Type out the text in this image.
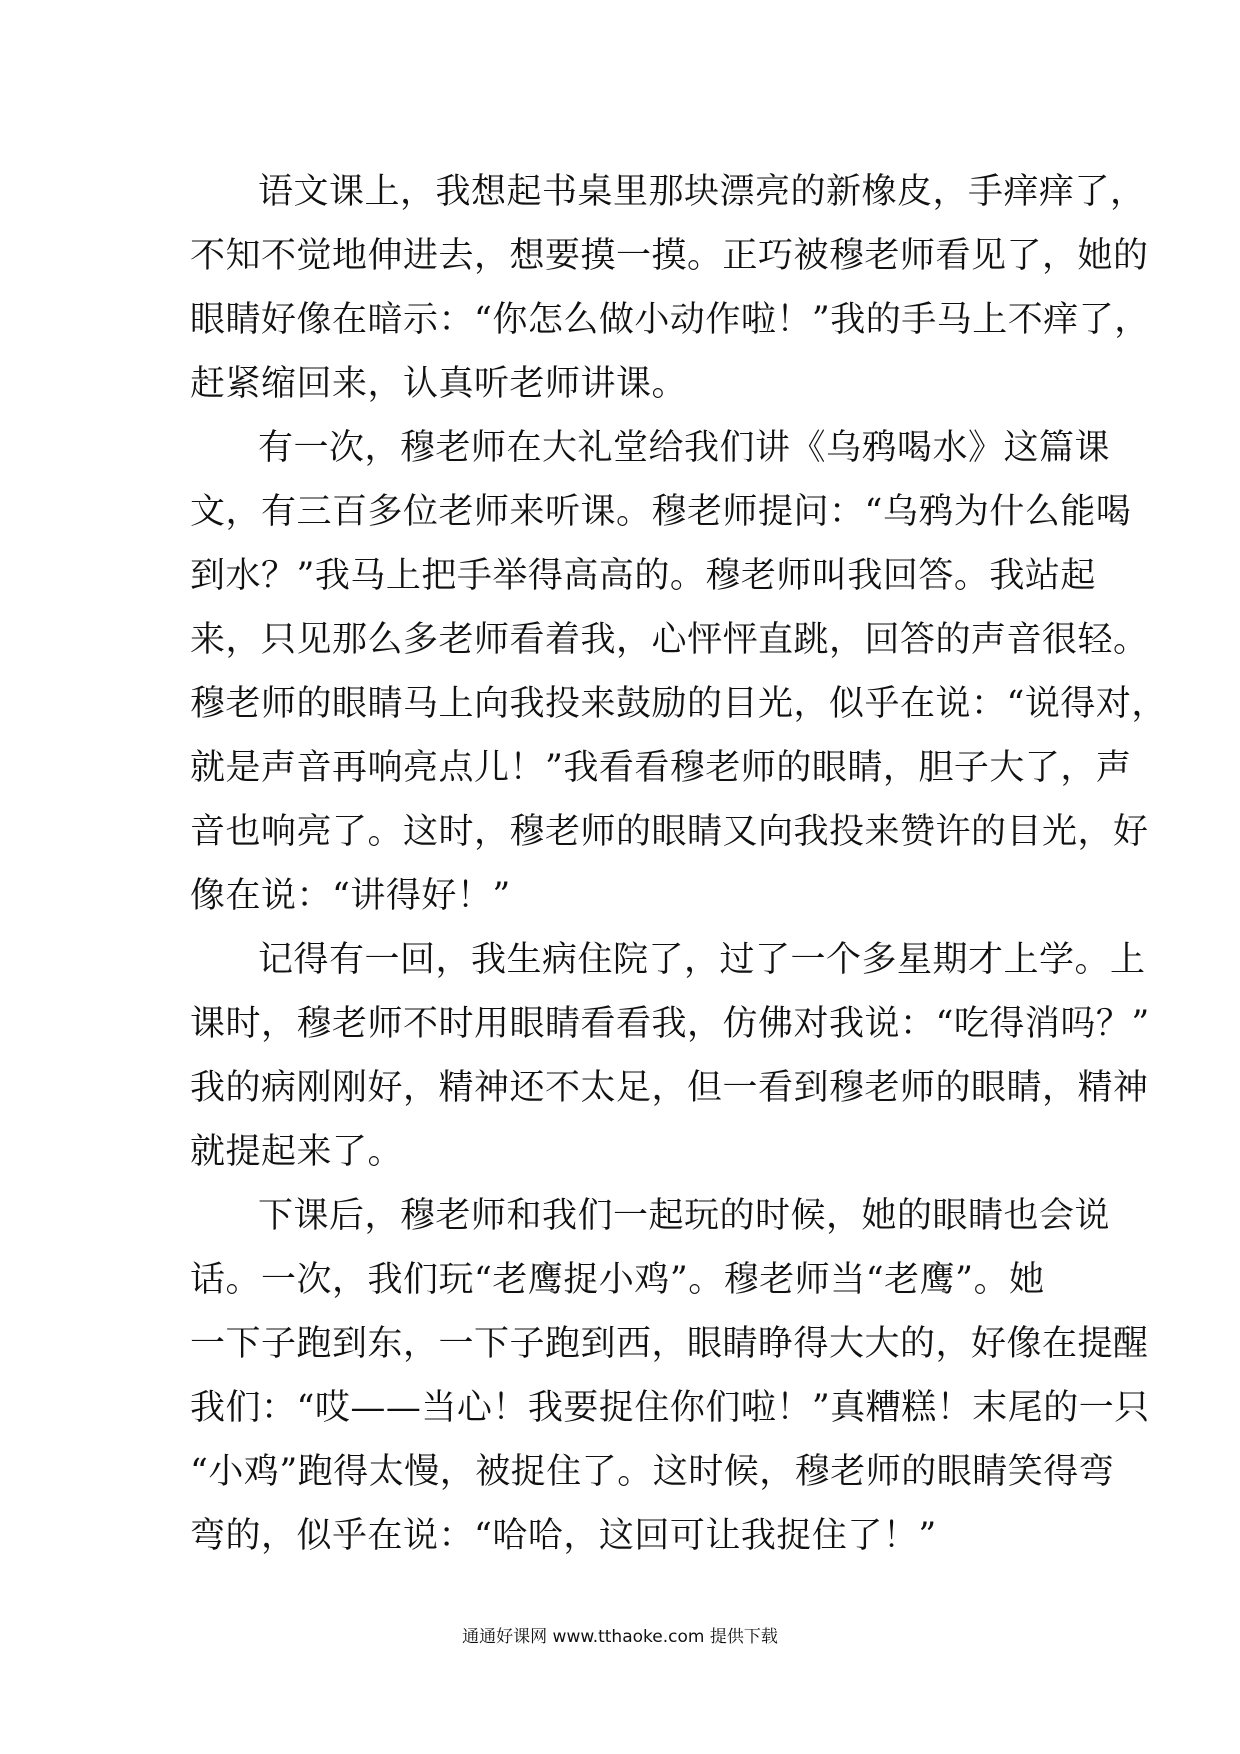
语文课上，我想起书桌里那块漂亮的新橡皮，手痒痒了，
不知不觉地伸进去，想要摸一摸。正巧被穆老师看见了，她的
眼睛好像在暗示：“你怎么做小动作啦！”我的手马上不痒了，
赶紧缩回来，认真听老师讲课。
有一次，穆老师在大礼堂给我们讲《乌鸦喝水》这篇课
文，有三百多位老师来听课。穆老师提问：“乌鸦为什么能喝
到水？”我马上把手举得高高的。穆老师叫我回答。我站起
来，只见那么多老师看着我，心怦怦直跳，回答的声音很轻。
穆老师的眼睛马上向我投来鼓励的目光，似乎在说：“说得对，
就是声音再响亮点儿！”我看看穆老师的眼睛，胆子大了，声
音也响亮了。这时，穆老师的眼睛又向我投来赞许的目光，好
像在说：“讲得好！”
记得有一回，我生病住院了，过了一个多星期才上学。上
课时，穆老师不时用眼睛看看我，仿佛对我说：“吃得消吗？”
我的病刚刚好，精神还不太足，但一看到穆老师的眼睛，精神
就提起来了。
下课后，穆老师和我们一起玩的时候，她的眼睛也会说
话。一次，我们玩“老鹰捉小鸡”。穆老师当“老鹰”。她
一下子跑到东，一下子跑到西，眼睛睁得大大的，好像在提醒
我们：“哎——当心！我要捉住你们啦！”真糟糕！末尾的一只
“小鸡”跑得太慢，被捉住了。这时候，穆老师的眼睛笑得弯
弯的，似乎在说：“哈哈，这回可让我捉住了！”
通通好课网 www.tthaoke.com 提供下载
